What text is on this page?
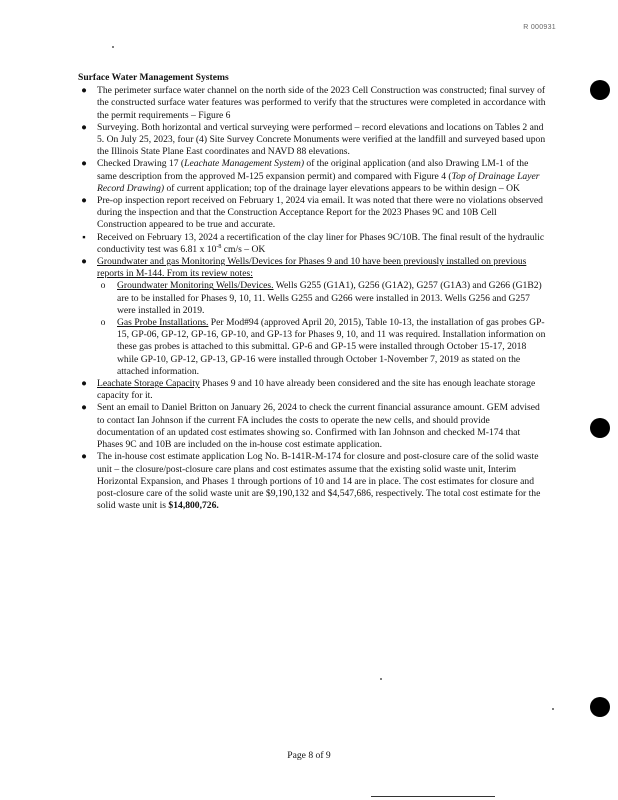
R 000931

Surface Water Management Systems

●	The perimeter surface water channel on the north side of the 2023 Cell Construction was constructed; final survey of the constructed surface water features was performed to verify that the structures were completed in accordance with the permit requirements – Figure 6

●	Surveying. Both horizontal and vertical surveying were performed – record elevations and locations on Tables 2 and 5. On July 25, 2023, four (4) Site Survey Concrete Monuments were verified at the landfill and surveyed based upon the Illinois State Plane East coordinates and NAVD 88 elevations.

●	Checked Drawing 17 (Leachate Management System) of the original application (and also Drawing LM-1 of the same description from the approved M-125 expansion permit) and compared with Figure 4 (Top of Drainage Layer Record Drawing) of current application; top of the drainage layer elevations appears to be within design – OK

●	Pre-op inspection report received on February 1, 2024 via email. It was noted that there were no violations observed during the inspection and that the Construction Acceptance Report for the 2023 Phases 9C and 10B Cell Construction appeared to be true and accurate.

▪	Received on February 13, 2024 a recertification of the clay liner for Phases 9C/10B. The final result of the hydraulic conductivity test was 6.81 x $10^{-8}$ cm/s – OK

●	Groundwater and gas Monitoring Wells/Devices for Phases 9 and 10 have been previously installed on previous reports in M-144. From its review notes:

o	Groundwater Monitoring Wells/Devices. Wells G255 (G1A1), G256 (G1A2), G257 (G1A3) and G266 (G1B2) are to be installed for Phases 9, 10, 11. Wells G255 and G266 were installed in 2013. Wells G256 and G257 were installed in 2019.

o	Gas Probe Installations. Per Mod#94 (approved April 20, 2015), Table 10-13, the installation of gas probes GP-15, GP-06, GP-12, GP-16, GP-10, and GP-13 for Phases 9, 10, and 11 was required. Installation information on these gas probes is attached to this submittal. GP-6 and GP-15 were installed through October 15-17, 2018 while GP-10, GP-12, GP-13, GP-16 were installed through October 1-November 7, 2019 as stated on the attached information.

●	Leachate Storage Capacity Phases 9 and 10 have already been considered and the site has enough leachate storage capacity for it.

●	Sent an email to Daniel Britton on January 26, 2024 to check the current financial assurance amount. GEM advised to contact Ian Johnson if the current FA includes the costs to operate the new cells, and should provide documentation of an updated cost estimates showing so. Confirmed with Ian Johnson and checked M-174 that Phases 9C and 10B are included on the in-house cost estimate application.

●	The in-house cost estimate application Log No. B-141R-M-174 for closure and post-closure care of the solid waste unit – the closure/post-closure care plans and cost estimates assume that the existing solid waste unit, Interim Horizontal Expansion, and Phases 1 through portions of 10 and 14 are in place. The cost estimates for closure and post-closure care of the solid waste unit are $9,190,132 and $4,547,686, respectively. The total cost estimate for the solid waste unit is $14,800,726.

Page 8 of 9
